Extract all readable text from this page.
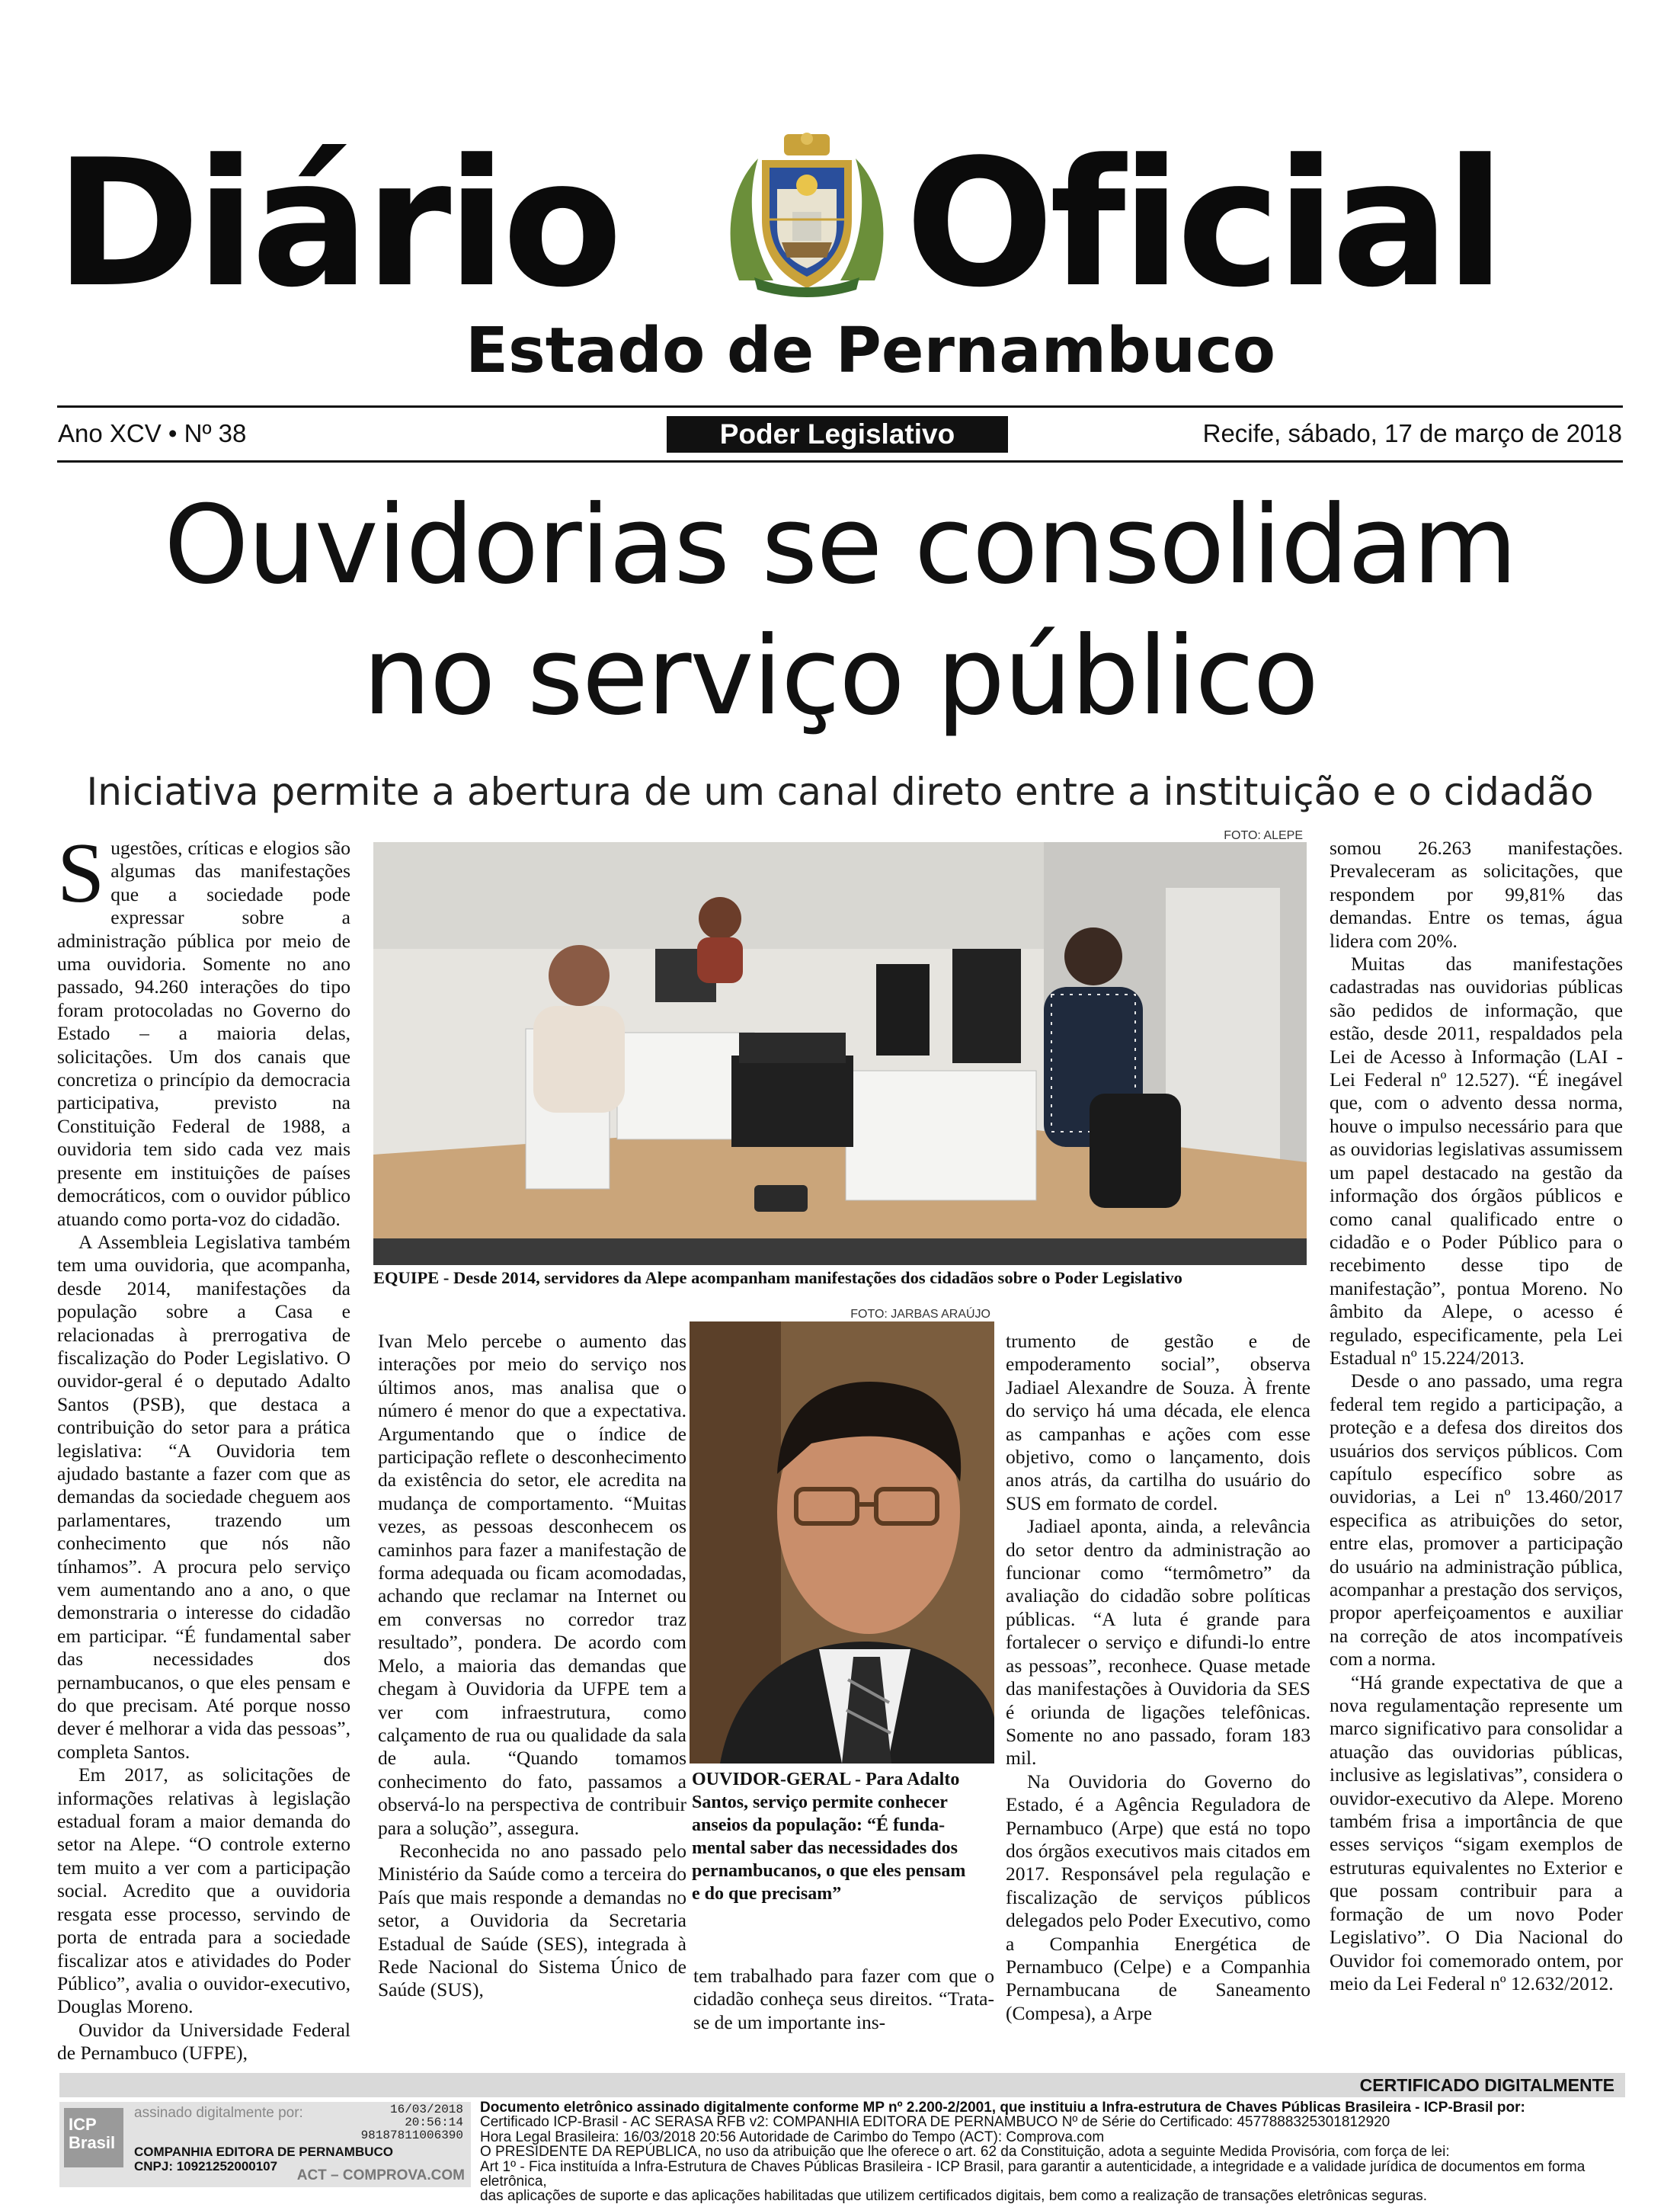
Diário Oficial
Estado de Pernambuco
Ano XCV • Nº 38	Poder Legislativo	Recife, sábado, 17 de março de 2018
Ouvidorias se consolidam
no serviço público
Iniciativa permite a abertura de um canal direto entre a instituição e o cidadão

Sugestões, críticas e elogios são algumas das manifestações que a sociedade pode expressar sobre a administração pública por meio de uma ouvidoria. Somente no ano passado, 94.260 interações do tipo foram protocoladas no Governo do Estado – a maioria delas, solicitações. Um dos canais que concretiza o princípio da democracia participativa, previsto na Constituição Federal de 1988, a ouvidoria tem sido cada vez mais presente em instituições de países democráticos, com o ouvidor público atuando como porta-voz do cidadão.

A Assembleia Legislativa também tem uma ouvidoria, que acompanha, desde 2014, manifestações da população sobre a Casa e relacionadas à prerrogativa de fiscalização do Poder Legislativo. O ouvidor-geral é o deputado Adalto Santos (PSB), que destaca a contribuição do setor para a prática legislativa: “A Ouvidoria tem ajudado bastante a fazer com que as demandas da sociedade cheguem aos parlamentares, trazendo um conhecimento que nós não tínhamos”. A procura pelo serviço vem aumentando ano a ano, o que demonstraria o interesse do cidadão em participar. “É fundamental saber das necessidades dos pernambucanos, o que eles pensam e do que precisam. Até porque nosso dever é melhorar a vida das pessoas”, completa Santos.

Em 2017, as solicitações de informações relativas à legislação estadual foram a maior demanda do setor na Alepe. “O controle externo tem muito a ver com a participação social. Acredito que a ouvidoria resgata esse processo, servindo de porta de entrada para a sociedade fiscalizar atos e atividades do Poder Público”, avalia o ouvidor-executivo, Douglas Moreno.

Ouvidor da Universidade Federal de Pernambuco (UFPE),

FOTO: ALEPE
EQUIPE - Desde 2014, servidores da Alepe acompanham manifestações dos cidadãos sobre o Poder Legislativo

Ivan Melo percebe o aumento das interações por meio do serviço nos últimos anos, mas analisa que o número é menor do que a expectativa. Argumentando que o índice de participação reflete o desconhecimento da existência do setor, ele acredita na mudança de comportamento. “Muitas vezes, as pessoas desconhecem os caminhos para fazer a manifestação de forma adequada ou ficam acomodadas, achando que reclamar na Internet ou em conversas no corredor traz resultado”, pondera. De acordo com Melo, a maioria das demandas que chegam à Ouvidoria da UFPE tem a ver com infraestrutura, como calçamento de rua ou qualidade da sala de aula. “Quando tomamos conhecimento do fato, passamos a observá-lo na perspectiva de contribuir para a solução”, assegura.

Reconhecida no ano passado pelo Ministério da Saúde como a terceira do País que mais responde a demandas no setor, a Ouvidoria da Secretaria Estadual de Saúde (SES), integrada à Rede Nacional do Sistema Único de Saúde (SUS),

FOTO: JARBAS ARAÚJO
OUVIDOR-GERAL - Para Adalto
Santos, serviço permite conhecer
anseios da população: “É funda-
mental saber das necessidades dos
pernambucanos, o que eles pensam
e do que precisam”

tem trabalhado para fazer com que o cidadão conheça seus direitos. “Trata-se de um importante ins-

trumento de gestão e de empoderamento social”, observa Jadiael Alexandre de Souza. À frente do serviço há uma década, ele elenca as campanhas e ações com esse objetivo, como o lançamento, dois anos atrás, da cartilha do usuário do SUS em formato de cordel.

Jadiael aponta, ainda, a relevância do setor dentro da administração ao funcionar como “termômetro” da avaliação do cidadão sobre políticas públicas. “A luta é grande para fortalecer o serviço e difundi-lo entre as pessoas”, reconhece. Quase metade das manifestações à Ouvidoria da SES é oriunda de ligações telefônicas. Somente no ano passado, foram 183 mil.

Na Ouvidoria do Governo do Estado, é a Agência Reguladora de Pernambuco (Arpe) que está no topo dos órgãos executivos mais citados em 2017. Responsável pela regulação e fiscalização de serviços públicos delegados pelo Poder Executivo, como a Companhia Energética de Pernambuco (Celpe) e a Companhia Pernambucana de Saneamento (Compesa), a Arpe

somou 26.263 manifestações. Prevaleceram as solicitações, que respondem por 99,81% das demandas. Entre os temas, água lidera com 20%.

Muitas das manifestações cadastradas nas ouvidorias públicas são pedidos de informação, que estão, desde 2011, respaldados pela Lei de Acesso à Informação (LAI - Lei Federal nº 12.527). “É inegável que, com o advento dessa norma, houve o impulso necessário para que as ouvidorias legislativas assumissem um papel destacado na gestão da informação dos órgãos públicos e como canal qualificado entre o cidadão e o Poder Público para o recebimento desse tipo de manifestação”, pontua Moreno. No âmbito da Alepe, o acesso é regulado, especificamente, pela Lei Estadual nº 15.224/2013.

Desde o ano passado, uma regra federal tem regido a participação, a proteção e a defesa dos direitos dos usuários dos serviços públicos. Com capítulo específico sobre as ouvidorias, a Lei nº 13.460/2017 especifica as atribuições do setor, entre elas, promover a participação do usuário na administração pública, acompanhar a prestação dos serviços, propor aperfeiçoamentos e auxiliar na correção de atos incompatíveis com a norma.

“Há grande expectativa de que a nova regulamentação represente um marco significativo para consolidar a atuação das ouvidorias públicas, inclusive as legislativas”, considera o ouvidor-executivo da Alepe. Moreno também frisa a importância de que esses serviços “sigam exemplos de estruturas equivalentes no Exterior e que possam contribuir para a formação de um novo Poder Legislativo”. O Dia Nacional do Ouvidor foi comemorado ontem, por meio da Lei Federal nº 12.632/2012.

CERTIFICADO DIGITALMENTE
ICP Brasil
assinado digitalmente por:	16/03/2018
20:56:14
98187811006390
COMPANHIA EDITORA DE PERNAMBUCO
CNPJ: 10921252000107
ACT – COMPROVA.COM
Documento eletrônico assinado digitalmente conforme MP nº 2.200-2/2001, que instituiu a Infra-estrutura de Chaves Públicas Brasileira - ICP-Brasil por:
Certificado ICP-Brasil - AC SERASA RFB v2: COMPANHIA EDITORA DE PERNAMBUCO Nº de Série do Certificado: 4577888325301812920
Hora Legal Brasileira: 16/03/2018 20:56 Autoridade de Carimbo do Tempo (ACT): Comprova.com
O PRESIDENTE DA REPÚBLICA, no uso da atribuição que lhe oferece o art. 62 da Constituição, adota a seguinte Medida Provisória, com força de lei:
Art 1º - Fica instituída a Infra-Estrutura de Chaves Públicas Brasileira - ICP Brasil, para garantir a autenticidade, a integridade e a validade jurídica de documentos em forma eletrônica,
das aplicações de suporte e das aplicações habilitadas que utilizem certificados digitais, bem como a realização de transações eletrônicas seguras.
